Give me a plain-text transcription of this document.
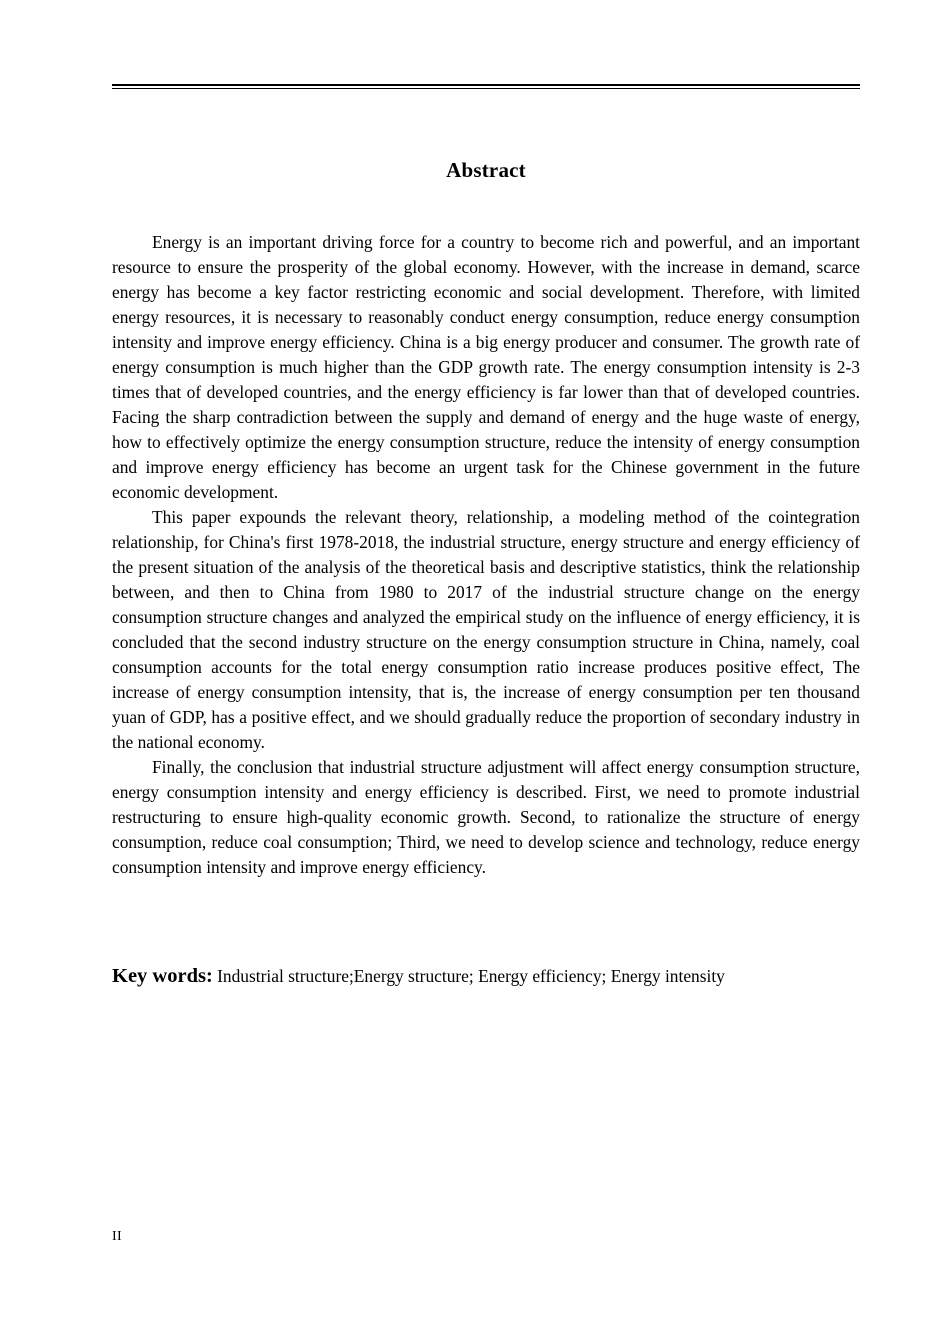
Abstract

Energy is an important driving force for a country to become rich and powerful, and an important resource to ensure the prosperity of the global economy. However, with the increase in demand, scarce energy has become a key factor restricting economic and social development. Therefore, with limited energy resources, it is necessary to reasonably conduct energy consumption, reduce energy consumption intensity and improve energy efficiency. China is a big energy producer and consumer. The growth rate of energy consumption is much higher than the GDP growth rate. The energy consumption intensity is 2-3 times that of developed countries, and the energy efficiency is far lower than that of developed countries. Facing the sharp contradiction between the supply and demand of energy and the huge waste of energy, how to effectively optimize the energy consumption structure, reduce the intensity of energy consumption and improve energy efficiency has become an urgent task for the Chinese government in the future economic development.

This paper expounds the relevant theory, relationship, a modeling method of the cointegration relationship, for China's first 1978-2018, the industrial structure, energy structure and energy efficiency of the present situation of the analysis of the theoretical basis and descriptive statistics, think the relationship between, and then to China from 1980 to 2017 of the industrial structure change on the energy consumption structure changes and analyzed the empirical study on the influence of energy efficiency, it is concluded that the second industry structure on the energy consumption structure in China, namely, coal consumption accounts for the total energy consumption ratio increase produces positive effect, The increase of energy consumption intensity, that is, the increase of energy consumption per ten thousand yuan of GDP, has a positive effect, and we should gradually reduce the proportion of secondary industry in the national economy.

Finally, the conclusion that industrial structure adjustment will affect energy consumption structure, energy consumption intensity and energy efficiency is described. First, we need to promote industrial restructuring to ensure high-quality economic growth. Second, to rationalize the structure of energy consumption, reduce coal consumption; Third, we need to develop science and technology, reduce energy consumption intensity and improve energy efficiency.

Key words: Industrial structure;Energy structure; Energy efficiency; Energy intensity
II
